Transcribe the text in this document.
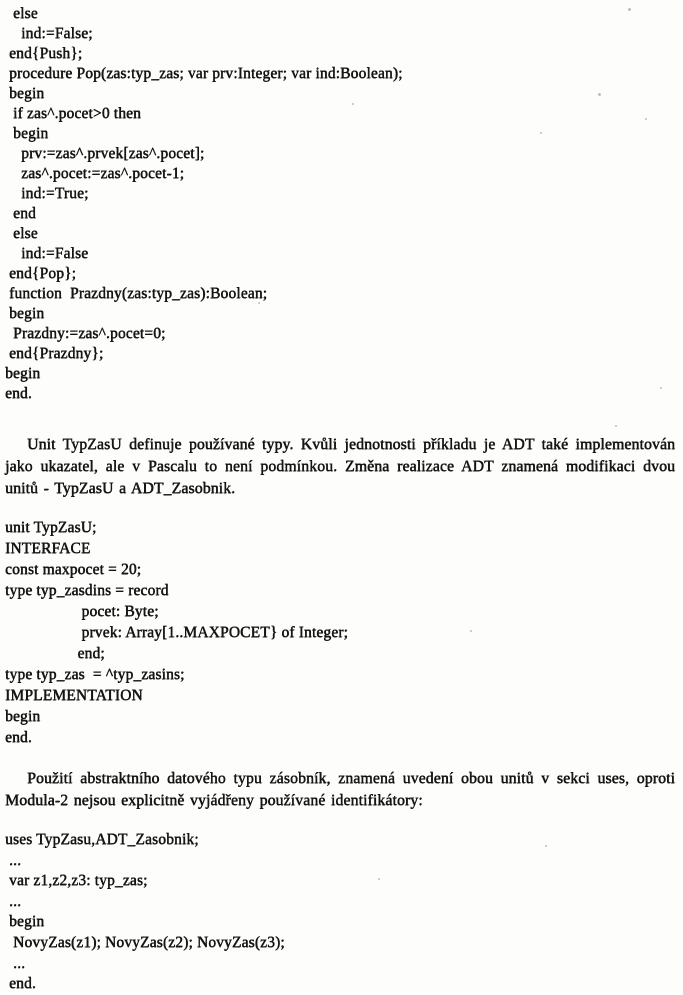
else
ind:=False;
end{Push};
procedure Pop(zas:typ_zas; var prv:Integer; var ind:Boolean);
begin
if zas^.pocet>0 then
begin
prv:=zas^.prvek[zas^.pocet];
zas^.pocet:=zas^.pocet-1;
ind:=True;
end
else
ind:=False
end{Pop};
function  Prazdny(zas:typ_zas):Boolean;
begin
Prazdny:=zas^.pocet=0;
end{Prazdny};
begin
end.

Unit TypZasU definuje používané typy. Kvůli jednotnosti příkladu je ADT také implementován jako ukazatel, ale v Pascalu to není podmínkou. Změna realizace ADT znamená modifikaci dvou unitů - TypZasU a ADT_Zasobnik.

unit TypZasU;
INTERFACE
const maxpocet = 20;
type typ_zasdins = record
pocet: Byte;
prvek: Array[1..MAXPOCET} of Integer;
end;
type typ_zas  = ^typ_zasins;
IMPLEMENTATION
begin
end.

Použití abstraktního datového typu zásobník, znamená uvedení obou unitů v sekci uses, oproti Modula-2 nejsou explicitně vyjádřeny používané identifikátory:

uses TypZasu,ADT_Zasobnik;
...
var z1,z2,z3: typ_zas;
...
begin
NovyZas(z1); NovyZas(z2); NovyZas(z3);
...
end.
